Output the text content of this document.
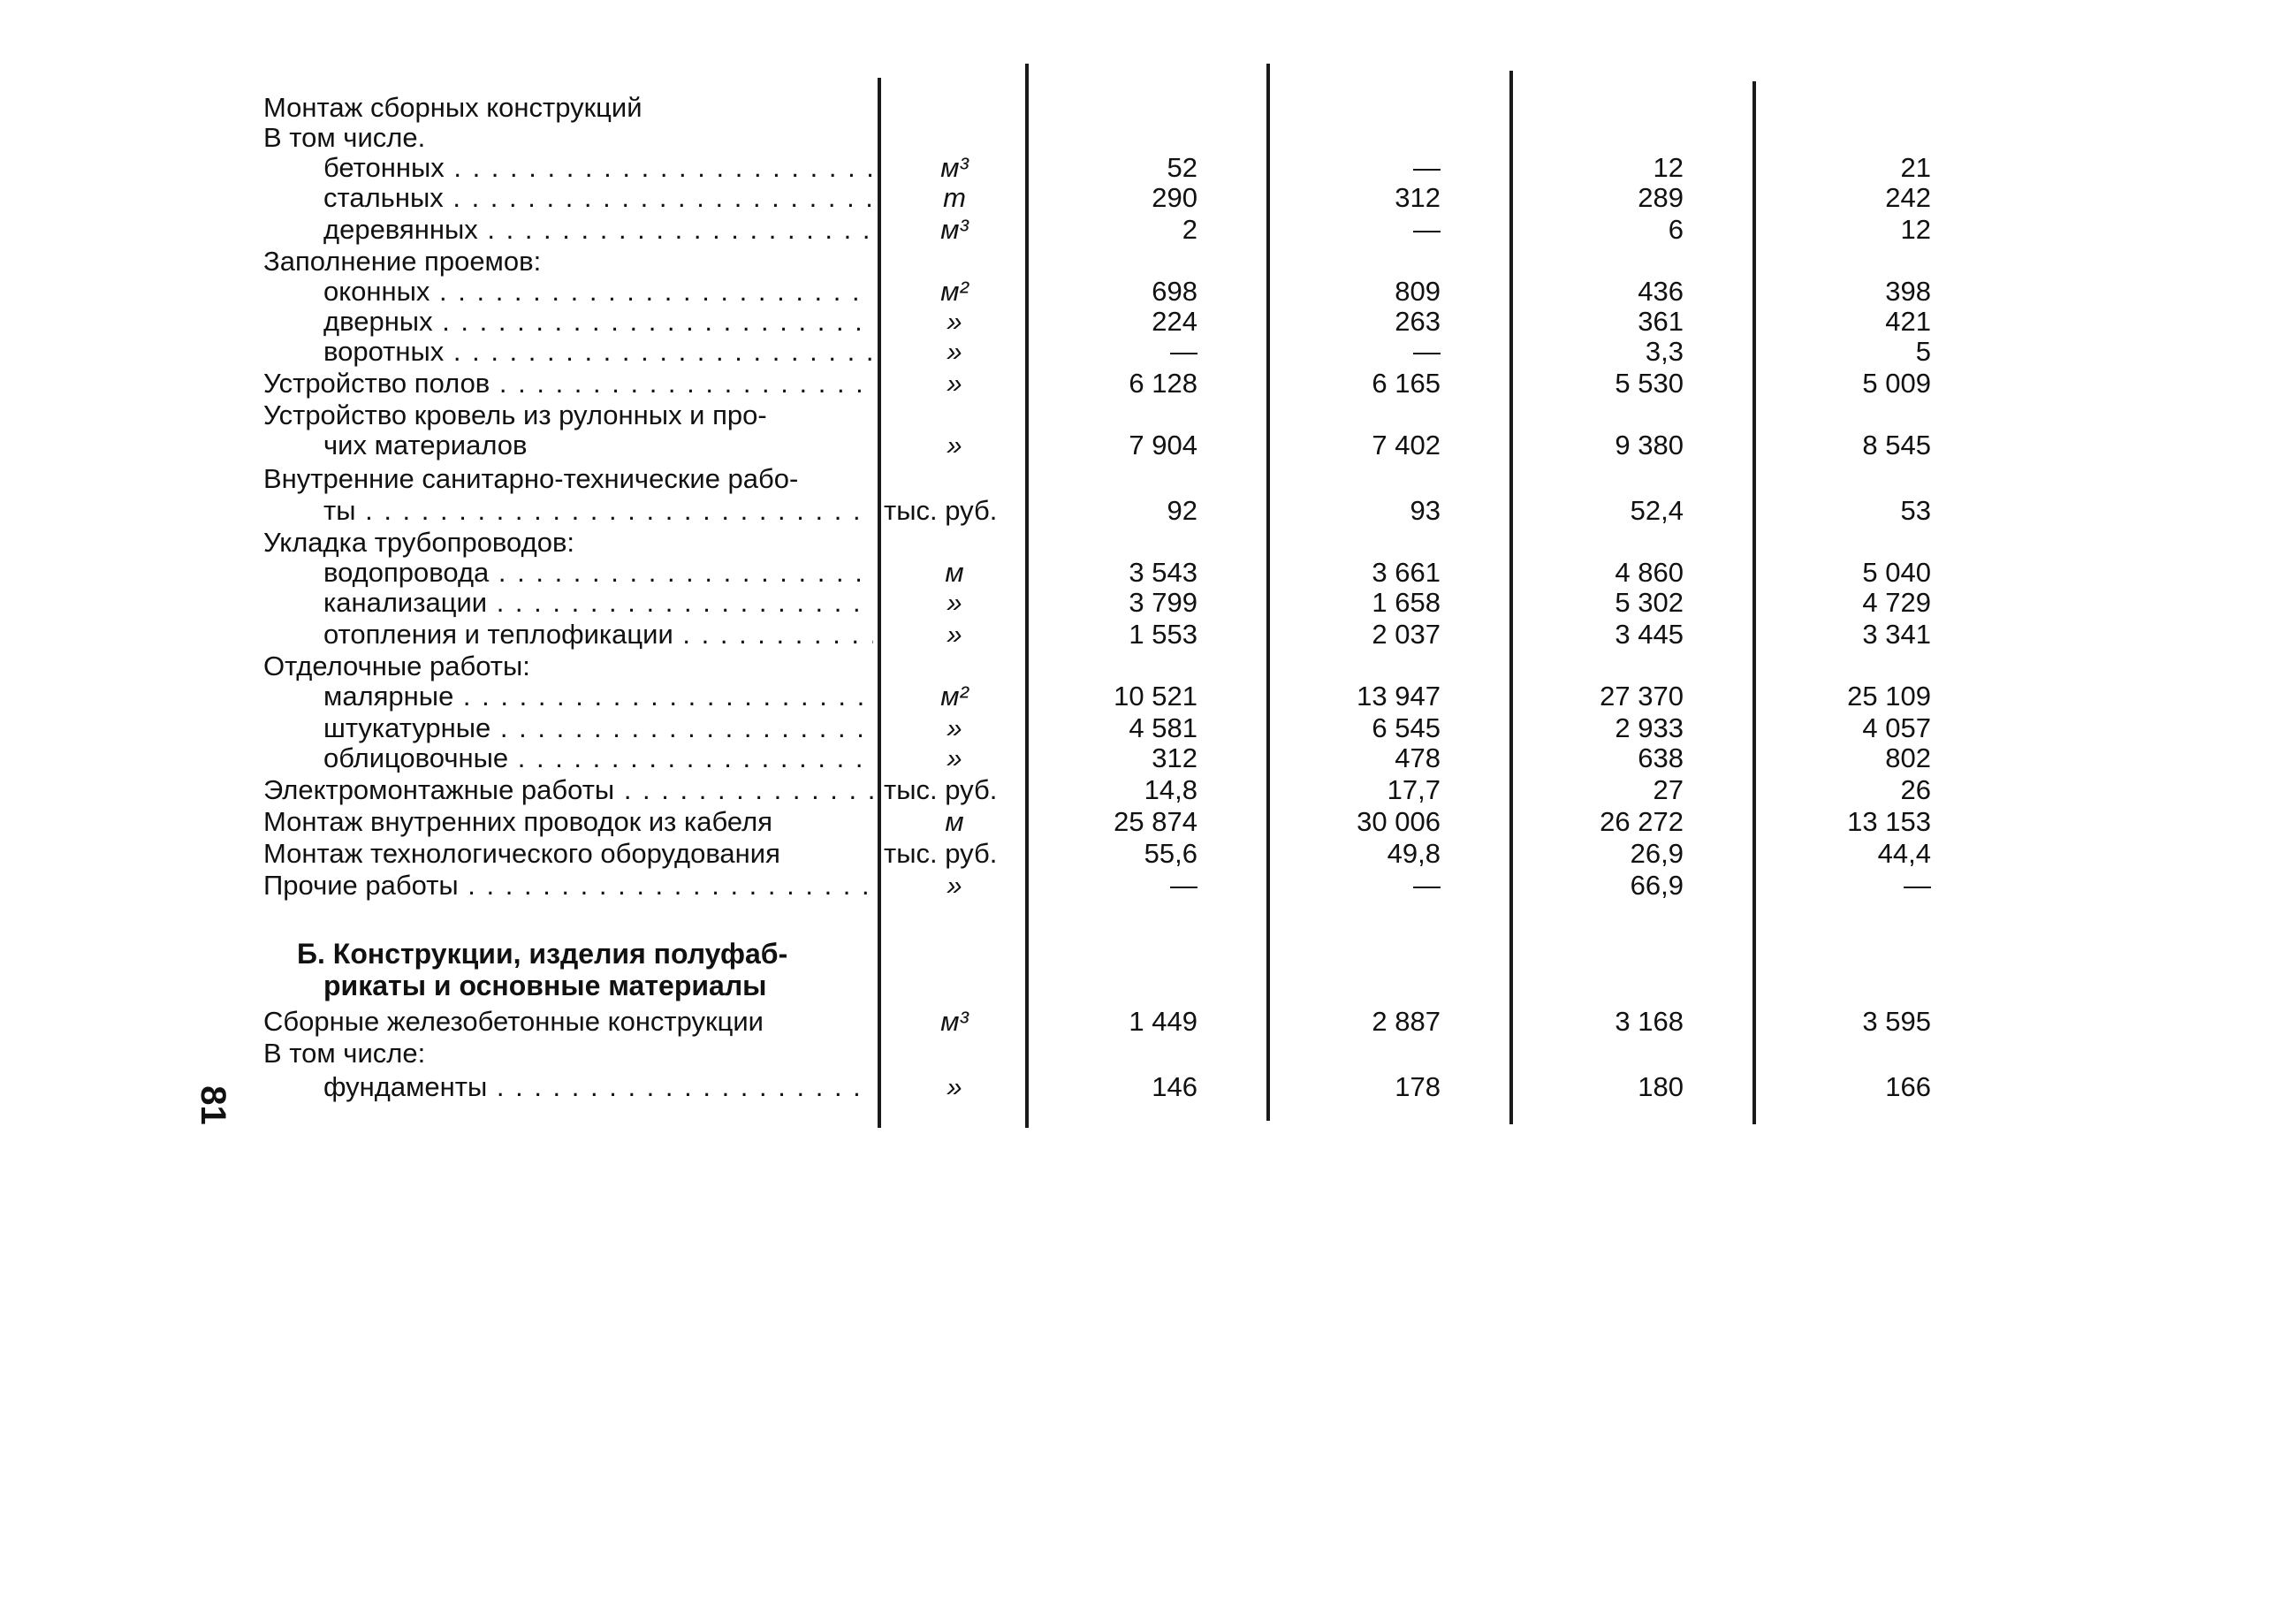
Монтаж сборных конструкций
В том числе.
бетонных . . .	м³	52	—	12	21
стальных . . .	т	290	312	289	242
деревянных . . .	м³	2	—	6	12
Заполнение проемов:
оконных . . .	м²	698	809	436	398
дверных . . .	»	224	263	361	421
воротных . . .	»	—	—	3,3	5
Устройство полов . . .	»	6 128	6 165	5 530	5 009
Устройство кровель из рулонных и про-
чих материалов	»	7 904	7 402	9 380	8 545
Внутренние санитарно-технические рабо-
ты . . .	тыс. руб.	92	93	52,4	53
Укладка трубопроводов:
водопровода . . .	м	3 543	3 661	4 860	5 040
канализации . . .	»	3 799	1 658	5 302	4 729
отопления и теплофикации . . .	»	1 553	2 037	3 445	3 341
Отделочные работы:
малярные . . .	м²	10 521	13 947	27 370	25 109
штукатурные . . .	»	4 581	6 545	2 933	4 057
облицовочные . . .	»	312	478	638	802
Электромонтажные работы . . .	тыс. руб.	14,8	17,7	27	26
Монтаж внутренних проводок из кабеля	м	25 874	30 006	26 272	13 153
Монтаж технологического оборудования	тыс. руб.	55,6	49,8	26,9	44,4
Прочие работы . . .	»	—	—	66,9	—
Б. Конструкции, изделия полуфаб-
рикаты и основные материалы
Сборные железобетонные конструкции	м³	1 449	2 887	3 168	3 595
В том числе:
фундаменты . . .	»	146	178	180	166
81
